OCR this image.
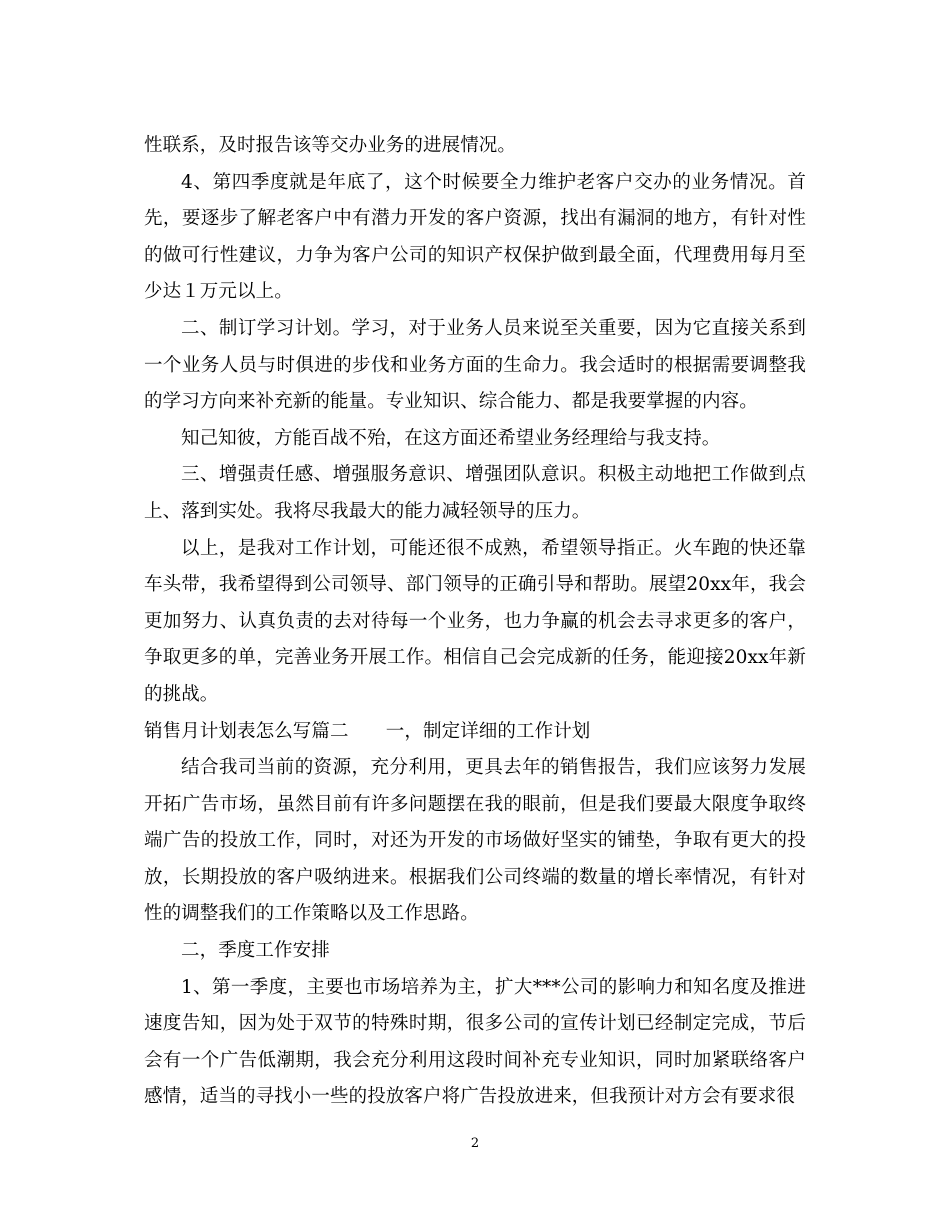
性联系，及时报告该等交办业务的进展情况。

4、第四季度就是年底了，这个时候要全力维护老客户交办的业务情况。首先，要逐步了解老客户中有潜力开发的客户资源，找出有漏洞的地方，有针对性的做可行性建议，力争为客户公司的知识产权保护做到最全面，代理费用每月至少达１万元以上。

二、制订学习计划。学习，对于业务人员来说至关重要，因为它直接关系到一个业务人员与时俱进的步伐和业务方面的生命力。我会适时的根据需要调整我的学习方向来补充新的能量。专业知识、综合能力、都是我要掌握的内容。

知己知彼，方能百战不殆，在这方面还希望业务经理给与我支持。

三、增强责任感、增强服务意识、增强团队意识。积极主动地把工作做到点上、落到实处。我将尽我最大的能力减轻领导的压力。

以上，是我对工作计划，可能还很不成熟，希望领导指正。火车跑的快还靠车头带，我希望得到公司领导、部门领导的正确引导和帮助。展望20xx年，我会更加努力、认真负责的去对待每一个业务，也力争赢的机会去寻求更多的客户，争取更多的单，完善业务开展工作。相信自己会完成新的任务，能迎接20xx年新的挑战。

销售月计划表怎么写篇二　　一，制定详细的工作计划

结合我司当前的资源，充分利用，更具去年的销售报告，我们应该努力发展开拓广告市场，虽然目前有许多问题摆在我的眼前，但是我们要最大限度争取终端广告的投放工作，同时，对还为开发的市场做好坚实的铺垫，争取有更大的投放，长期投放的客户吸纳进来。根据我们公司终端的数量的增长率情况，有针对性的调整我们的工作策略以及工作思路。

二，季度工作安排

1、第一季度，主要也市场培养为主，扩大***公司的影响力和知名度及推进速度告知，因为处于双节的特殊时期，很多公司的宣传计划已经制定完成，节后会有一个广告低潮期，我会充分利用这段时间补充专业知识，同时加紧联络客户感情，适当的寻找小一些的投放客户将广告投放进来，但我预计对方会有要求很

2
